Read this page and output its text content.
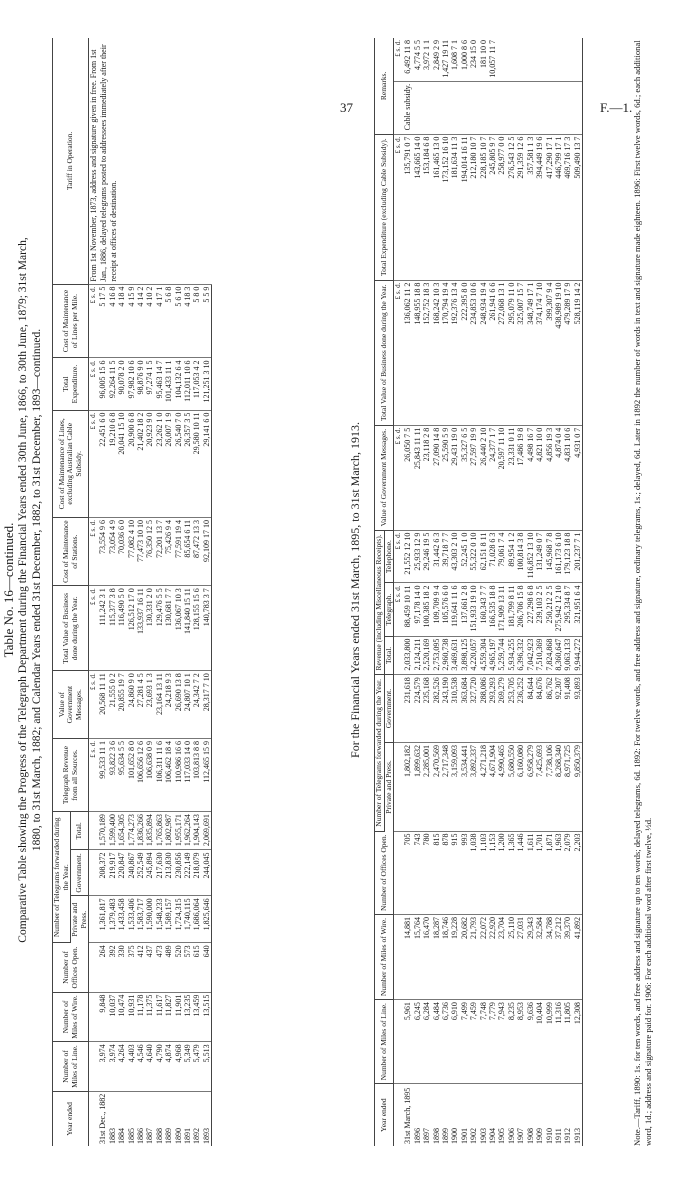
37	F.—1.
Table No. 16—continued. Comparative Table showing the Progress of the Telegraph Department during the Financial Years ended 30th June, 1866, to 30th June, 1879; 31st March, 1880, to 31st March, 1882; and Calendar Years ended 31st December, 1882, to 31st December, 1893—continued.
Year ended	Number of Miles of Line.	Number of Miles of Wire.	Number of Offices Open.	Number of Telegrams forwarded during the Year.			Telegraph Revenue from all Sources.	Value of Government Messages.	Total Value of Business done during the Year.	Cost of Maintenance of Stations.	Cost of Maintenance of Lines, excluding Australian Cable Subsidy.	Total Expenditure.	Cost of Maintenance of Lines per Mile.	Tariff in Operation.
				Private and Press.	Government.	Total.								
							£ s. d.	£ s. d.	£ s. d.	£ s. d.	£ s. d.	£ s. d.	£ s. d.	From 1st November, 1873, address and signature given in free. From 1st Jan., 1886, delayed telegrams posted to addressees immediately after their receipt at offices of destination.
31st Dec., 1882	3,974	9,848	264	1,361,817	208,372	1,570,189	99,533 11 1	20,568 11 11	111,242 3 1	73,554 9 6	22,451 6 0	96,005 15 6	5 17 5	
1883	3,974	10,037	392	1,379,483	219,917	1,599,400	93,822 3 6	21,555 0 2	115,377 3 8	73,054 4 9	19,210 6 8	92,264 11 5	4 16 8	
1884	4,264	10,474	330	1,433,458	220,847	1,654,305	95,634 5 5	20,855 19 7	116,490 5 0	70,036 6 0	20,041 15 10	90,078 2 0	4 18 4	
1885	4,403	10,931	375	1,533,406	240,867	1,774,273	101,652 8 0	24,860 9 0	126,512 17 0	77,082 4 10	20,900 6 8	97,982 10 6	4 15 9	
1886	4,546	11,178	412	1,583,717	252,549	1,836,266	106,656 12 6	27,281 4 5	133,937 16 11	77,473 10 10	21,402 18 2	98,876 9 0	4 14 2	
1887	4,640	11,375	437	1,590,000	245,894	1,835,894	106,638 0 9	23,693 1 3	130,331 2 0	76,350 12 5	20,923 9 0	97,274 1 5	4 10 2	
1888	4,790	11,617	473	1,548,233	217,630	1,765,863	106,311 11 6	23,164 13 11	129,476 5 5	72,201 13 7	23,262 1 0	95,463 14 7	4 17 1	
1889	4,874	11,827	489	1,589,157	213,830	1,802,987	106,462 18 4	24,218 9 3	130,681 7 7	75,426 9 4	26,007 1 9	101,433 11 1	5 6 8	
1890	4,968	11,901	520	1,724,315	230,856	1,955,171	110,986 16 6	26,690 13 8	136,067 10 3	77,591 19 4	26,540 7 0	104,132 6 4	5 6 10	
1891	5,349	13,235	573	1,740,115	222,149	1,962,264	117,033 14 0	24,807 10 1	141,840 15 11	85,654 6 11	26,357 3 5	112,011 10 6	4 18 3	
1892	5,479	13,459	615	1,686,064	218,079	1,904,143	103,813 8 8	24,342 7 2	128,155 15 6	87,472 13 3	29,580 10 11	117,053 4 2	5 8 0	
1893	5,513	13,515	640	1,825,646	244,045	2,069,691	112,465 15 9	28,317 7 10	140,783 3 7	92,109 17 10	29,141 6 0	121,251 3 10	5 5 9	
For the Financial Years ended 31st March, 1895, to 31st March, 1913.
Year ended	Number of Miles of Line.	Number of Miles of Wire.	Number of Offices Open.	Number of Telegrams forwarded during the Year.		Revenue (including Miscellaneous Receipts).			Value of Government Messages.	Total Value of Business done during the Year.	Total Expenditure (excluding Cable Subsidy).	Remarks.	
				Private and Press.	Government.	Total.	Telegraph.	Telephone.					
							£ s. d.	£ s. d.	£ s. d.	£ s. d.	£ s. d.		£ s. d.
31st March, 1895	5,961	14,881	705	1,802,182	231,618	2,033,800	88,459 10 11	21,552 12 10	26,050 7 5	136,062 11 2	135,791 0 7	Cable subsidy.	6,492 11 8
1896	6,245	15,764	743	1,899,632	224,579	2,124,211	97,178 14 0	25,933 12 9	25,843 11 11	148,955 18 8	143,665 14 0		4,774 5 5
1897	6,284	16,470	780	2,285,001	235,168	2,520,169	100,385 18 2	29,246 19 5	23,118 2 8	152,752 18 3	153,184 6 8		3,972 1 1
1898	6,484	18,287	815	2,470,569	282,526	2,753,095	109,709 9 4	31,442 6 3	27,090 14 8	168,242 10 3	161,465 13 0		2,849 2 9
1899	6,736	18,746	878	2,717,348	243,190	2,960,738	105,576 6 0	39,718 7 7	25,590 5 9	170,794 19 4	173,152 16 10		1,427 19 11
1900	6,910	19,228	915	3,159,093	310,538	3,469,631	119,641 11 6	43,303 2 10	29,431 19 0	192,376 13 4	181,634 11 3		1,608 7 1
1901	7,499	20,682	993	3,534,441	363,684	3,898,125	137,661 2 8	52,245 1 0	35,327 6 5	222,395 8 0	194,014 16 11		1,000 8 6
1902	7,459	21,793	1,038	3,892,337	327,720	4,220,057	151,933 19 10	55,322 0 10	27,597 19 9	234,853 10 6	212,180 10 7		234 15 0
1903	7,748	22,072	1,103	4,271,218	288,086	4,559,304	160,343 7 7	62,151 8 11	26,440 2 10	248,934 19 4	228,185 10 7		181 10 0
1904	7,779	22,920	1,153	4,671,904	293,293	4,965,197	166,535 18 8	71,028 6 3	24,377 1 7	261,941 6 6	245,805 9 7		10,057 11 7
1905	7,943	23,704	1,200	4,990,465	269,279	5,259,744	171,909 13 11	79,061 7 4	20,597 11 10	272,068 13 1	258,977 0 0		
1906	8,235	25,110	1,365	5,680,550	253,705	5,934,255	181,799 8 11	89,954 1 2	23,331 0 11	295,079 11 0	276,543 12 5		
1907	8,953	27,031	1,446	6,160,080	236,252	6,396,332	206,706 15 8	100,814 3 8	17,486 19 8	325,007 15 7	291,359 12 6		
1908	9,636	29,343	1,611	6,958,279	84,644	7,042,923	227,298 6 8	116,852 13 10	4,498 16 7	348,749 17 1	357,581 1 3		
1909	10,404	32,584	1,701	7,425,693	84,676	7,510,369	239,103 2 5	131,249 0 7	4,821 10 0	374,174 7 10	394,449 19 6		
1910	10,999	34,788	1,871	7,738,106	86,762	7,824,868	250,212 2 5	145,968 7 8	4,856 19 3	399,307 9 4	417,290 17 1		
1911	11,316	37,212	1,963	8,268,340	92,307	8,360,647	275,942 12 10	161,173 6 10	4,874 0 4	438,989 19 10	446,799 17 1		
1912	11,805	39,370	2,079	8,971,725	91,408	9,063,133	295,334 8 7	179,123 18 8	4,831 10 6	479,289 17 9	469,716 17 3		
1913	12,308	41,892	2,203	9,850,379	93,893	9,944,272	321,951 6 4	201,237 7 1	4,931 0 7	528,119 14 2	509,490 13 7			Note.—Tariff, 1890: 1s. for ten words, and free address and signature up to ten words; delayed telegrams, 6d. 1892: For twelve words, and free address and signature, ordinary telegrams, 1s.; delayed, 6d. Later in 1892 the number of words in text and signature made eighteen. 1896: First twelve words, 6d.; each additional word, 1d.; address and signature paid for. 1906: For each additional word after first twelve, ½d.
